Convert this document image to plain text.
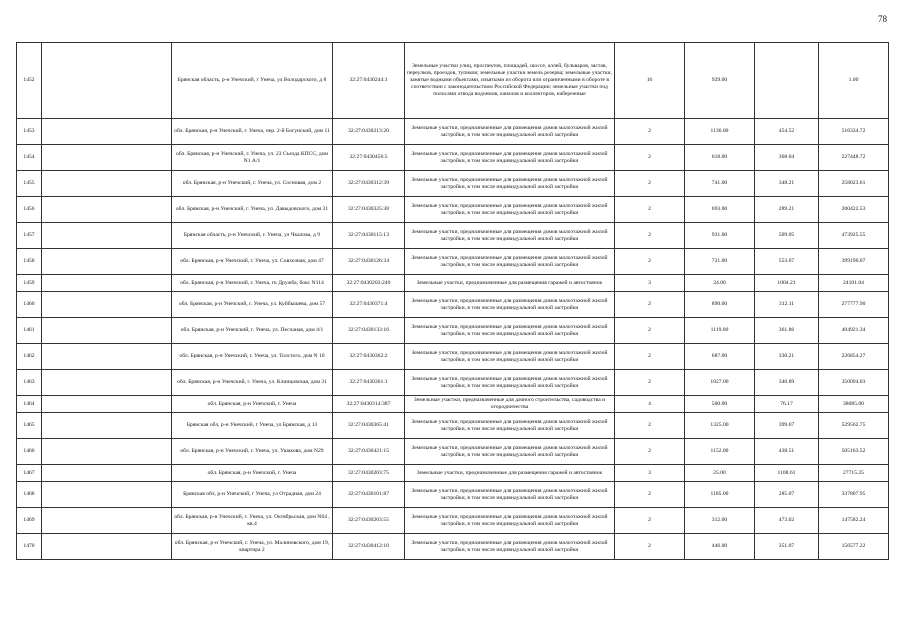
78
1452		Брянская область, р-н Унечский, г Унеча, ул Володарского, д 8	32:27:0430244:1	Земельные участки улиц, проспектов, площадей, шоссе, аллей, бульваров, застав, переулков, проездов, тупиков; земельные участки земель резерва; земельные участки, занятые водными объектами, изъятыми из оборота или ограниченными в обороте в соответствии с законодательством Российской Федерации; земельные участки под полосами отвода водоемов, каналов и коллекторов, набережные	16	929.00		1.00
1453		обл. Брянская, р-н Унечский, г. Унеча, пер. 2-й Богунский, дом 11	32:27:0430213:20	Земельные участки, предназначенные для размещения домов малоэтажной жилой застройки, в том числе индивидуальной жилой застройки	2	1136.00	454.52	516334.72
1454		обл. Брянская, р-н Унечский, г. Унеча, ул. 23 Съезда КПСС, дом N1 А/1	32:27:0430456:5	Земельные участки, предназначенные для размещения домов малоэтажной жилой застройки, в том числе индивидуальной жилой застройки	2	618.00	368.04	227448.72
1455		обл. Брянская, р-н Унечский, г. Унеча, ул. Сосновая, дом 2	32:27:0430312:39	Земельные участки, предназначенные для размещения домов малоэтажной жилой застройки, в том числе индивидуальной жилой застройки	2	741.00	348.21	258023.61
1456		обл. Брянская, р-н Унечский, г. Унеча, ул. Давыдовского, дом 31	32:27:0430325:38	Земельные участки, предназначенные для размещения домов малоэтажной жилой застройки, в том числе индивидуальной жилой застройки	2	693.00	289.21	200422.53
1457		Брянская область, р-н Унечский, г. Унеча, ул Чкалова, д 9	32:27:0430115:13	Земельные участки, предназначенные для размещения домов малоэтажной жилой застройки, в том числе индивидуальной жилой застройки	2	931.00	509.05	473925.55
1458		обл. Брянская, р-н Унечский, г. Унеча, ул. Совхозная, дом 47	32:27:0430126:34	Земельные участки, предназначенные для размещения домов малоэтажной жилой застройки, в том числе индивидуальной жилой застройки	2	721.00	553.67	399196.07
1459		обл. Брянская, р-н Унечский, г. Унеча, гк Дружба, бокс N114	32:27:0430203:240	Земельные участки, предназначенные для размещения гаражей и автостоянок	3	24.00	1004.21	24101.04
1460		обл. Брянская, р-н Унечский, г. Унеча, ул. Куйбышева, дом 57	32:27:0430371:4	Земельные участки, предназначенные для размещения домов малоэтажной жилой застройки, в том числе индивидуальной жилой застройки	2	890.00	312.11	277777.90
1461		обл. Брянская, р-н Унечский, г. Унеча, ул. Песчаная, дом 4/1	32:27:0430133:16	Земельные участки, предназначенные для размещения домов малоэтажной жилой застройки, в том числе индивидуальной жилой застройки	2	1119.00	361.86	404921.34
1462		обл. Брянская, р-н Унечский, г. Унеча, ул. Толстого, дом N 10	32:27:0430362:2	Земельные участки, предназначенные для размещения домов малоэтажной жилой застройки, в том числе индивидуальной жилой застройки	2	687.00	330.21	226854.27
1463		обл. Брянская, р-н Унечский, г. Унеча, ул. Клинцовская, дом 31	32:27:0430361:1	Земельные участки, предназначенные для размещения домов малоэтажной жилой застройки, в том числе индивидуальной жилой застройки	2	1027.00	340.89	350094.03
1464		обл. Брянская, р-н Унечский, г. Унеча	32:27:0430314:387	Земельные участки, предназначенные для дачного строительства, садоводства и огородничества	4	500.00	76.17	38085.00
1465		Брянская обл, р-н Унечский, г Унеча, ул Брянская, д 13	32:27:0430365:41	Земельные участки, предназначенные для размещения домов малоэтажной жилой застройки, в том числе индивидуальной жилой застройки	2	1325.00	399.67	529562.75
1466		обл. Брянская, р-н Унечский, г. Унеча, ул. Ушакова, дом N29	32:27:0430421:15	Земельные участки, предназначенные для размещения домов малоэтажной жилой застройки, в том числе индивидуальной жилой застройки	2	1152.00	438.51	505163.52
1467		обл. Брянская, р-н Унечский, г. Унеча	32:27:0430203:75	Земельные участки, предназначенные для размещения гаражей и автостоянок	3	25.00	1108.61	27715.25
1468		Брянская обл, р-н Унечский, г Унеча, ул Отрадная, дом 24	32:27:0430101:87	Земельные участки, предназначенные для размещения домов малоэтажной жилой застройки, в том числе индивидуальной жилой застройки	2	1185.00	285.07	337807.95
1469		обл. Брянская, р-н Унечский, г. Унеча, ул. Октябрьская, дом N64 , кв.4	32:27:0430203:55	Земельные участки, предназначенные для размещения домов малоэтажной жилой застройки, в том числе индивидуальной жилой застройки	2	312.00	473.02	147582.24
1470		обл. Брянская, р-н Унечский, г. Унеча, ул. Малиновского, дом 19, квартира 2	32:27:0430412:10	Земельные участки, предназначенные для размещения домов малоэтажной жилой застройки, в том числе индивидуальной жилой застройки	2	446.00	351.07	156577.22
